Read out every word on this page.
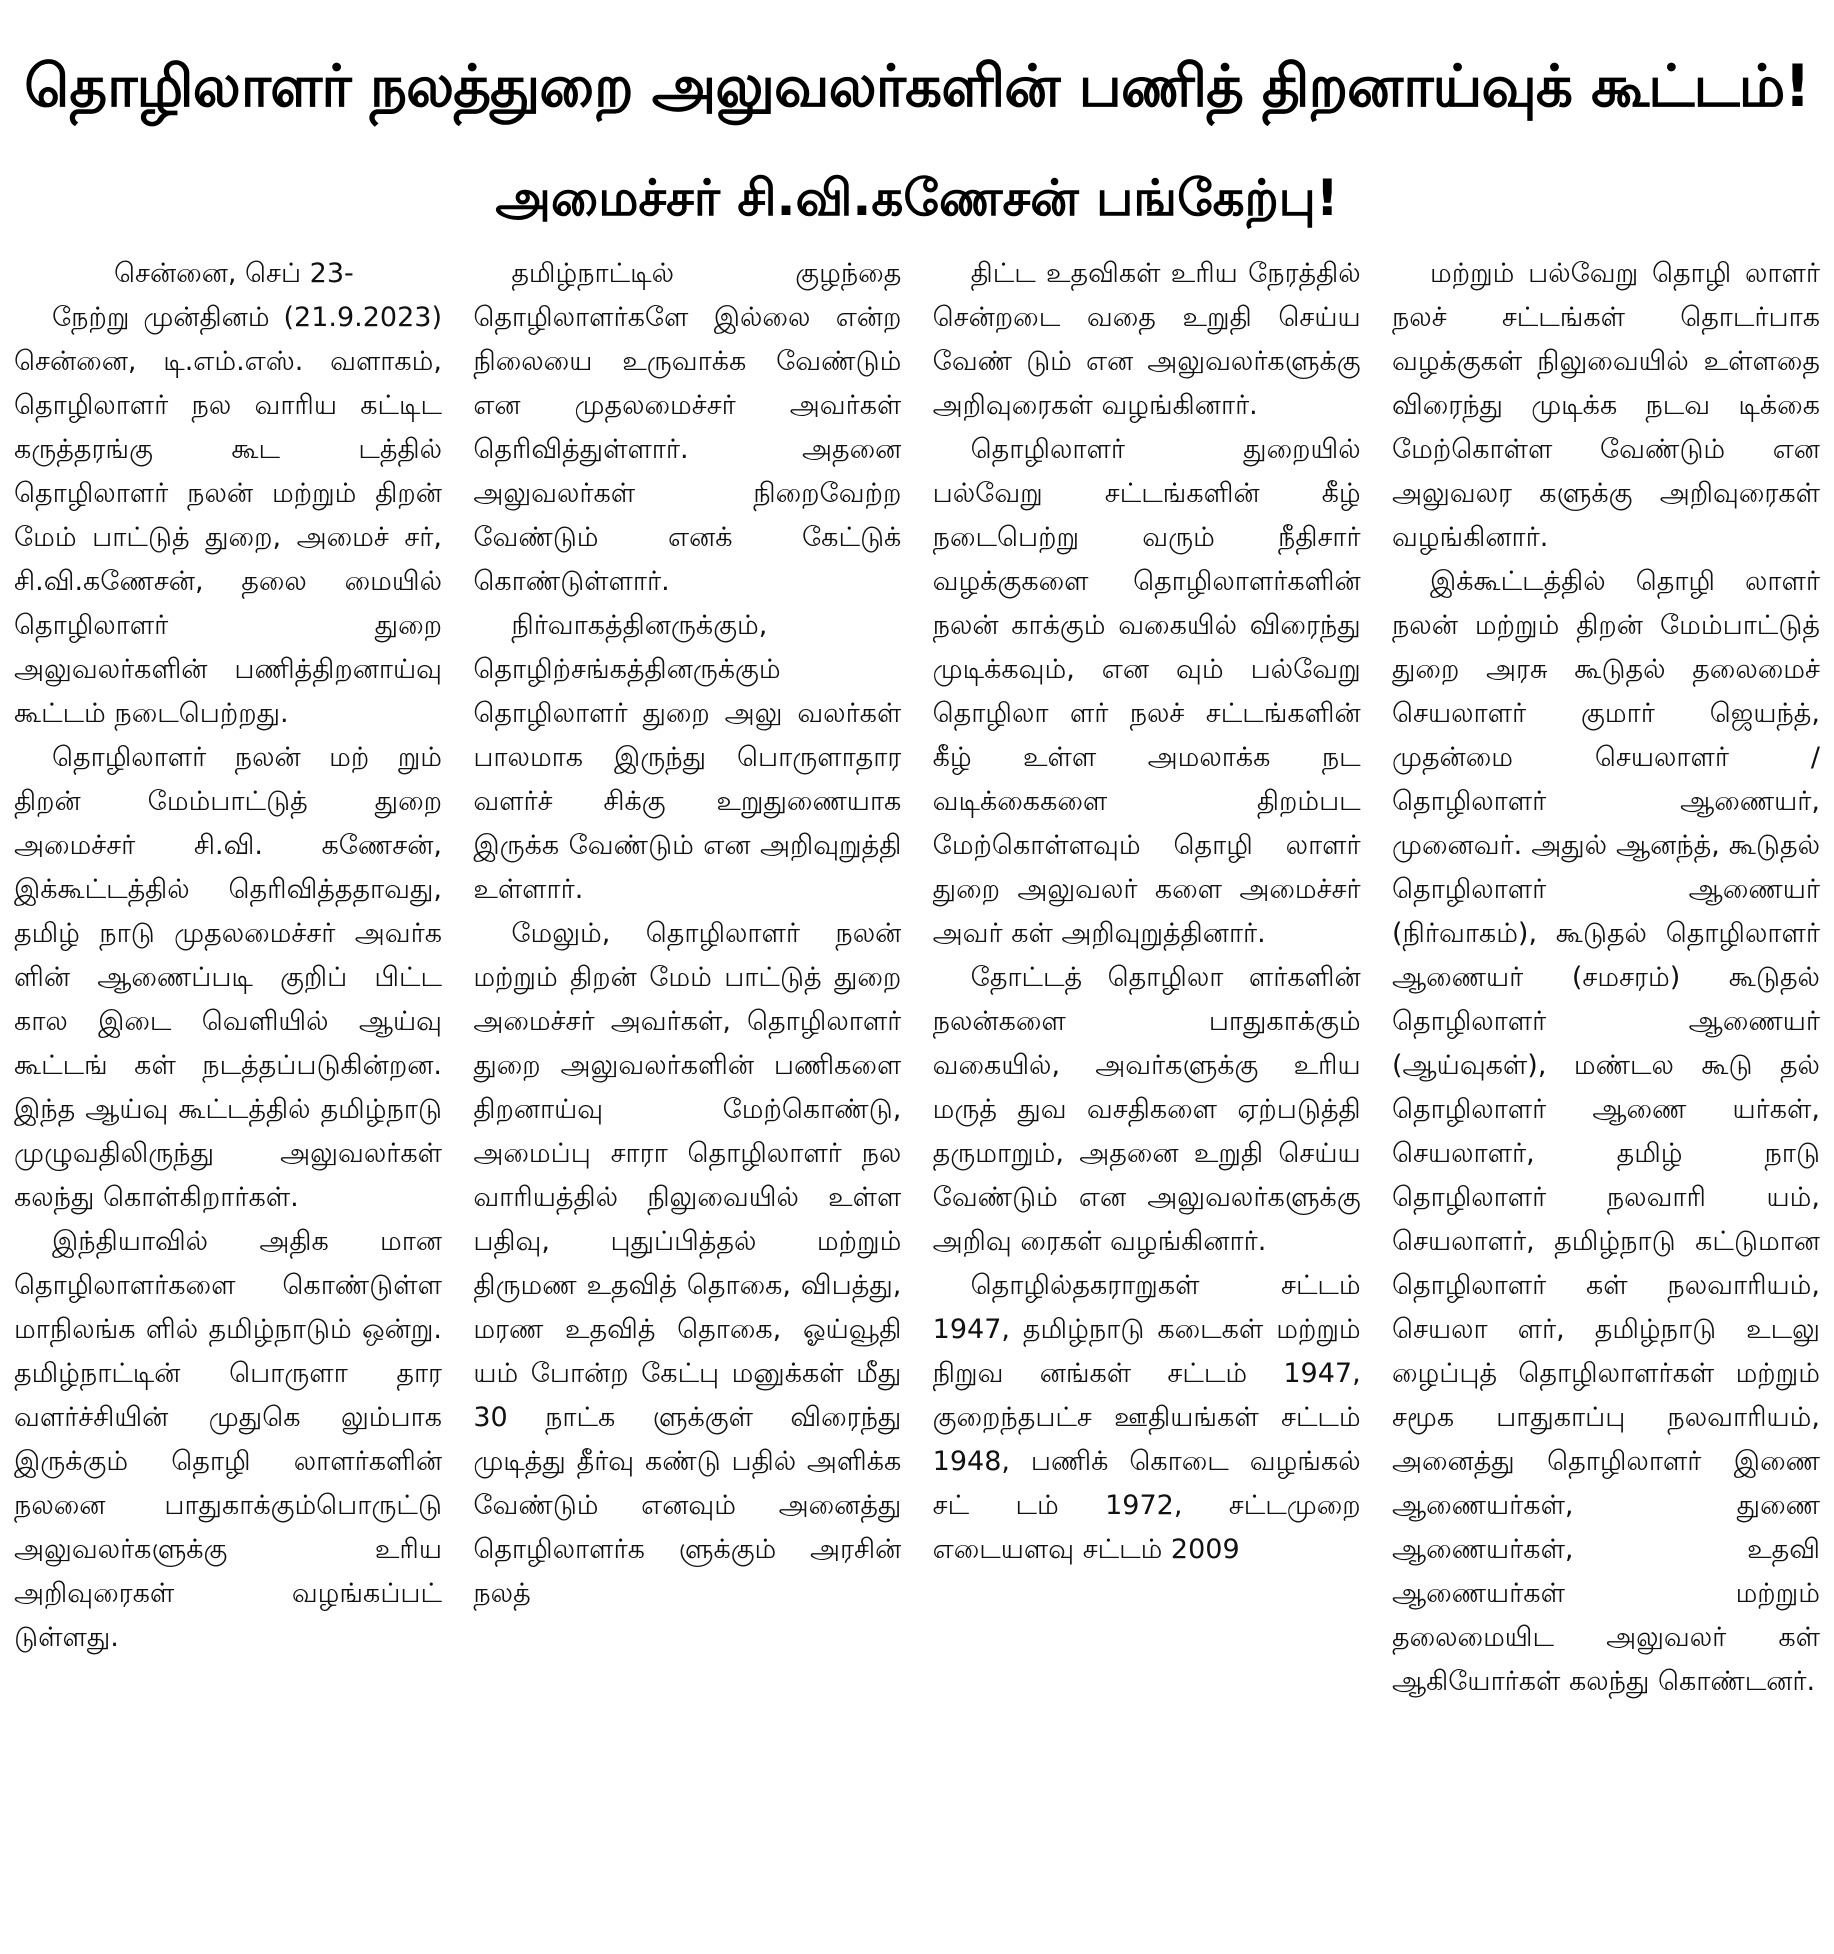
தொழிலாளர் நலத்துறை அலுவலர்களின் பணித் திறனாய்வுக் கூட்டம்!
அமைச்சர் சி.வி.கணேசன் பங்கேற்பு!

சென்னை, செப் 23-

நேற்று முன்தினம் (21.9.2023) சென்னை, டி.எம்.எஸ். வளாகம், தொழிலாளர் நல வாரிய கட்டிட கருத்தரங்கு கூட டத்தில் தொழிலாளர் நலன் மற்றும் திறன் மேம் பாட்டுத் துறை, அமைச் சர், சி.வி.கணேசன், தலை மையில் தொழிலாளர் துறை அலுவலர்களின் பணித்திறனாய்வு கூட்டம் நடைபெற்றது.

தொழிலாளர் நலன் மற் றும் திறன் மேம்பாட்டுத் துறை அமைச்சர் சி.வி. கணேசன், இக்கூட்டத்தில் தெரிவித்ததாவது, தமிழ் நாடு முதலமைச்சர் அவர்க ளின் ஆணைப்படி குறிப் பிட்ட கால இடை வெளியில் ஆய்வு கூட்டங் கள் நடத்தப்படுகின்றன. இந்த ஆய்வு கூட்டத்தில் தமிழ்நாடு முழுவதிலிருந்து அலுவலர்கள் கலந்து கொள்கிறார்கள்.

இந்தியாவில் அதிக மான தொழிலாளர்களை கொண்டுள்ள மாநிலங்க ளில் தமிழ்நாடும் ஒன்று. தமிழ்நாட்டின் பொருளா தார வளர்ச்சியின் முதுகெ லும்பாக இருக்கும் தொழி லாளர்களின் நலனை பாதுகாக்கும்பொருட்டு அலுவலர்களுக்கு உரிய அறிவுரைகள் வழங்கப்பட் டுள்ளது.

தமிழ்நாட்டில் குழந்தை தொழிலாளர்களே இல்லை என்ற நிலையை உருவாக்க வேண்டும் என முதலமைச்சர் அவர்கள் தெரிவித்துள்ளார். அதனை அலுவலர்கள் நிறைவேற்ற வேண்டும் எனக் கேட்டுக் கொண்டுள்ளார்.

நிர்வாகத்தினருக்கும், தொழிற்சங்கத்தினருக்கும் தொழிலாளர் துறை அலு வலர்கள் பாலமாக இருந்து பொருளாதார வளர்ச் சிக்கு உறுதுணையாக இருக்க வேண்டும் என அறிவுறுத்தி உள்ளார்.

மேலும், தொழிலாளர் நலன் மற்றும் திறன் மேம் பாட்டுத் துறை அமைச்சர் அவர்கள், தொழிலாளர் துறை அலுவலர்களின் பணிகளை திறனாய்வு மேற்கொண்டு, அமைப்பு சாரா தொழிலாளர் நல வாரியத்தில் நிலுவையில் உள்ள பதிவு, புதுப்பித்தல் மற்றும் திருமண உதவித் தொகை, விபத்து, மரண உதவித் தொகை, ஓய்வூதி யம் போன்ற கேட்பு மனுக்கள் மீது 30 நாட்க ளுக்குள் விரைந்து முடித்து தீர்வு கண்டு பதில் அளிக்க வேண்டும் எனவும் அனைத்து தொழிலாளர்க ளுக்கும் அரசின் நலத்

திட்ட உதவிகள் உரிய நேரத்தில் சென்றடை வதை உறுதி செய்ய வேண் டும் என அலுவலர்களுக்கு அறிவுரைகள் வழங்கினார்.

தொழிலாளர் துறையில் பல்வேறு சட்டங்களின் கீழ் நடைபெற்று வரும் நீதிசார் வழக்குகளை தொழிலாளர்களின் நலன் காக்கும் வகையில் விரைந்து முடிக்கவும், என வும் பல்வேறு தொழிலா ளர் நலச் சட்டங்களின் கீழ் உள்ள அமலாக்க நட வடிக்கைகளை திறம்பட மேற்கொள்ளவும் தொழி லாளர் துறை அலுவலர் களை அமைச்சர் அவர் கள் அறிவுறுத்தினார்.

தோட்டத் தொழிலா ளர்களின் நலன்களை பாதுகாக்கும் வகையில், அவர்களுக்கு உரிய மருத் துவ வசதிகளை ஏற்படுத்தி தருமாறும், அதனை உறுதி செய்ய வேண்டும் என அலுவலர்களுக்கு அறிவு ரைகள் வழங்கினார்.

தொழில்தகராறுகள் சட்டம் 1947, தமிழ்நாடு கடைகள் மற்றும் நிறுவ னங்கள் சட்டம் 1947, குறைந்தபட்ச ஊதியங்கள் சட்டம் 1948, பணிக் கொடை வழங்கல் சட் டம் 1972, சட்டமுறை எடையளவு சட்டம் 2009

மற்றும் பல்வேறு தொழி லாளர் நலச் சட்டங்கள் தொடர்பாக வழக்குகள் நிலுவையில் உள்ளதை விரைந்து முடிக்க நடவ டிக்கை மேற்கொள்ள வேண்டும் என அலுவலர களுக்கு அறிவுரைகள் வழங்கினார்.

இக்கூட்டத்தில் தொழி லாளர் நலன் மற்றும் திறன் மேம்பாட்டுத் துறை அரசு கூடுதல் தலைமைச் செயலாளர் குமார் ஜெயந்த், முதன்மை செயலாளர் / தொழிலாளர் ஆணையர், முனைவர். அதுல் ஆனந்த், கூடுதல் தொழிலாளர் ஆணையர் (நிர்வாகம்), கூடுதல் தொழிலாளர் ஆணையர் (சமசரம்) கூடுதல் தொழிலாளர் ஆணையர் (ஆய்வுகள்), மண்டல கூடு தல் தொழிலாளர் ஆணை யர்கள், செயலாளர், தமிழ் நாடு தொழிலாளர் நலவாரி யம், செயலாளர், தமிழ்நாடு கட்டுமான தொழிலாளர் கள் நலவாரியம், செயலா ளர், தமிழ்நாடு உடலு ழைப்புத் தொழிலாளர்கள் மற்றும் சமூக பாதுகாப்பு நலவாரியம், அனைத்து தொழிலாளர் இணை ஆணையர்கள், துணை ஆணையர்கள், உதவி ஆணையர்கள் மற்றும் தலைமையிட அலுவலர் கள் ஆகியோர்கள் கலந்து கொண்டனர்.
